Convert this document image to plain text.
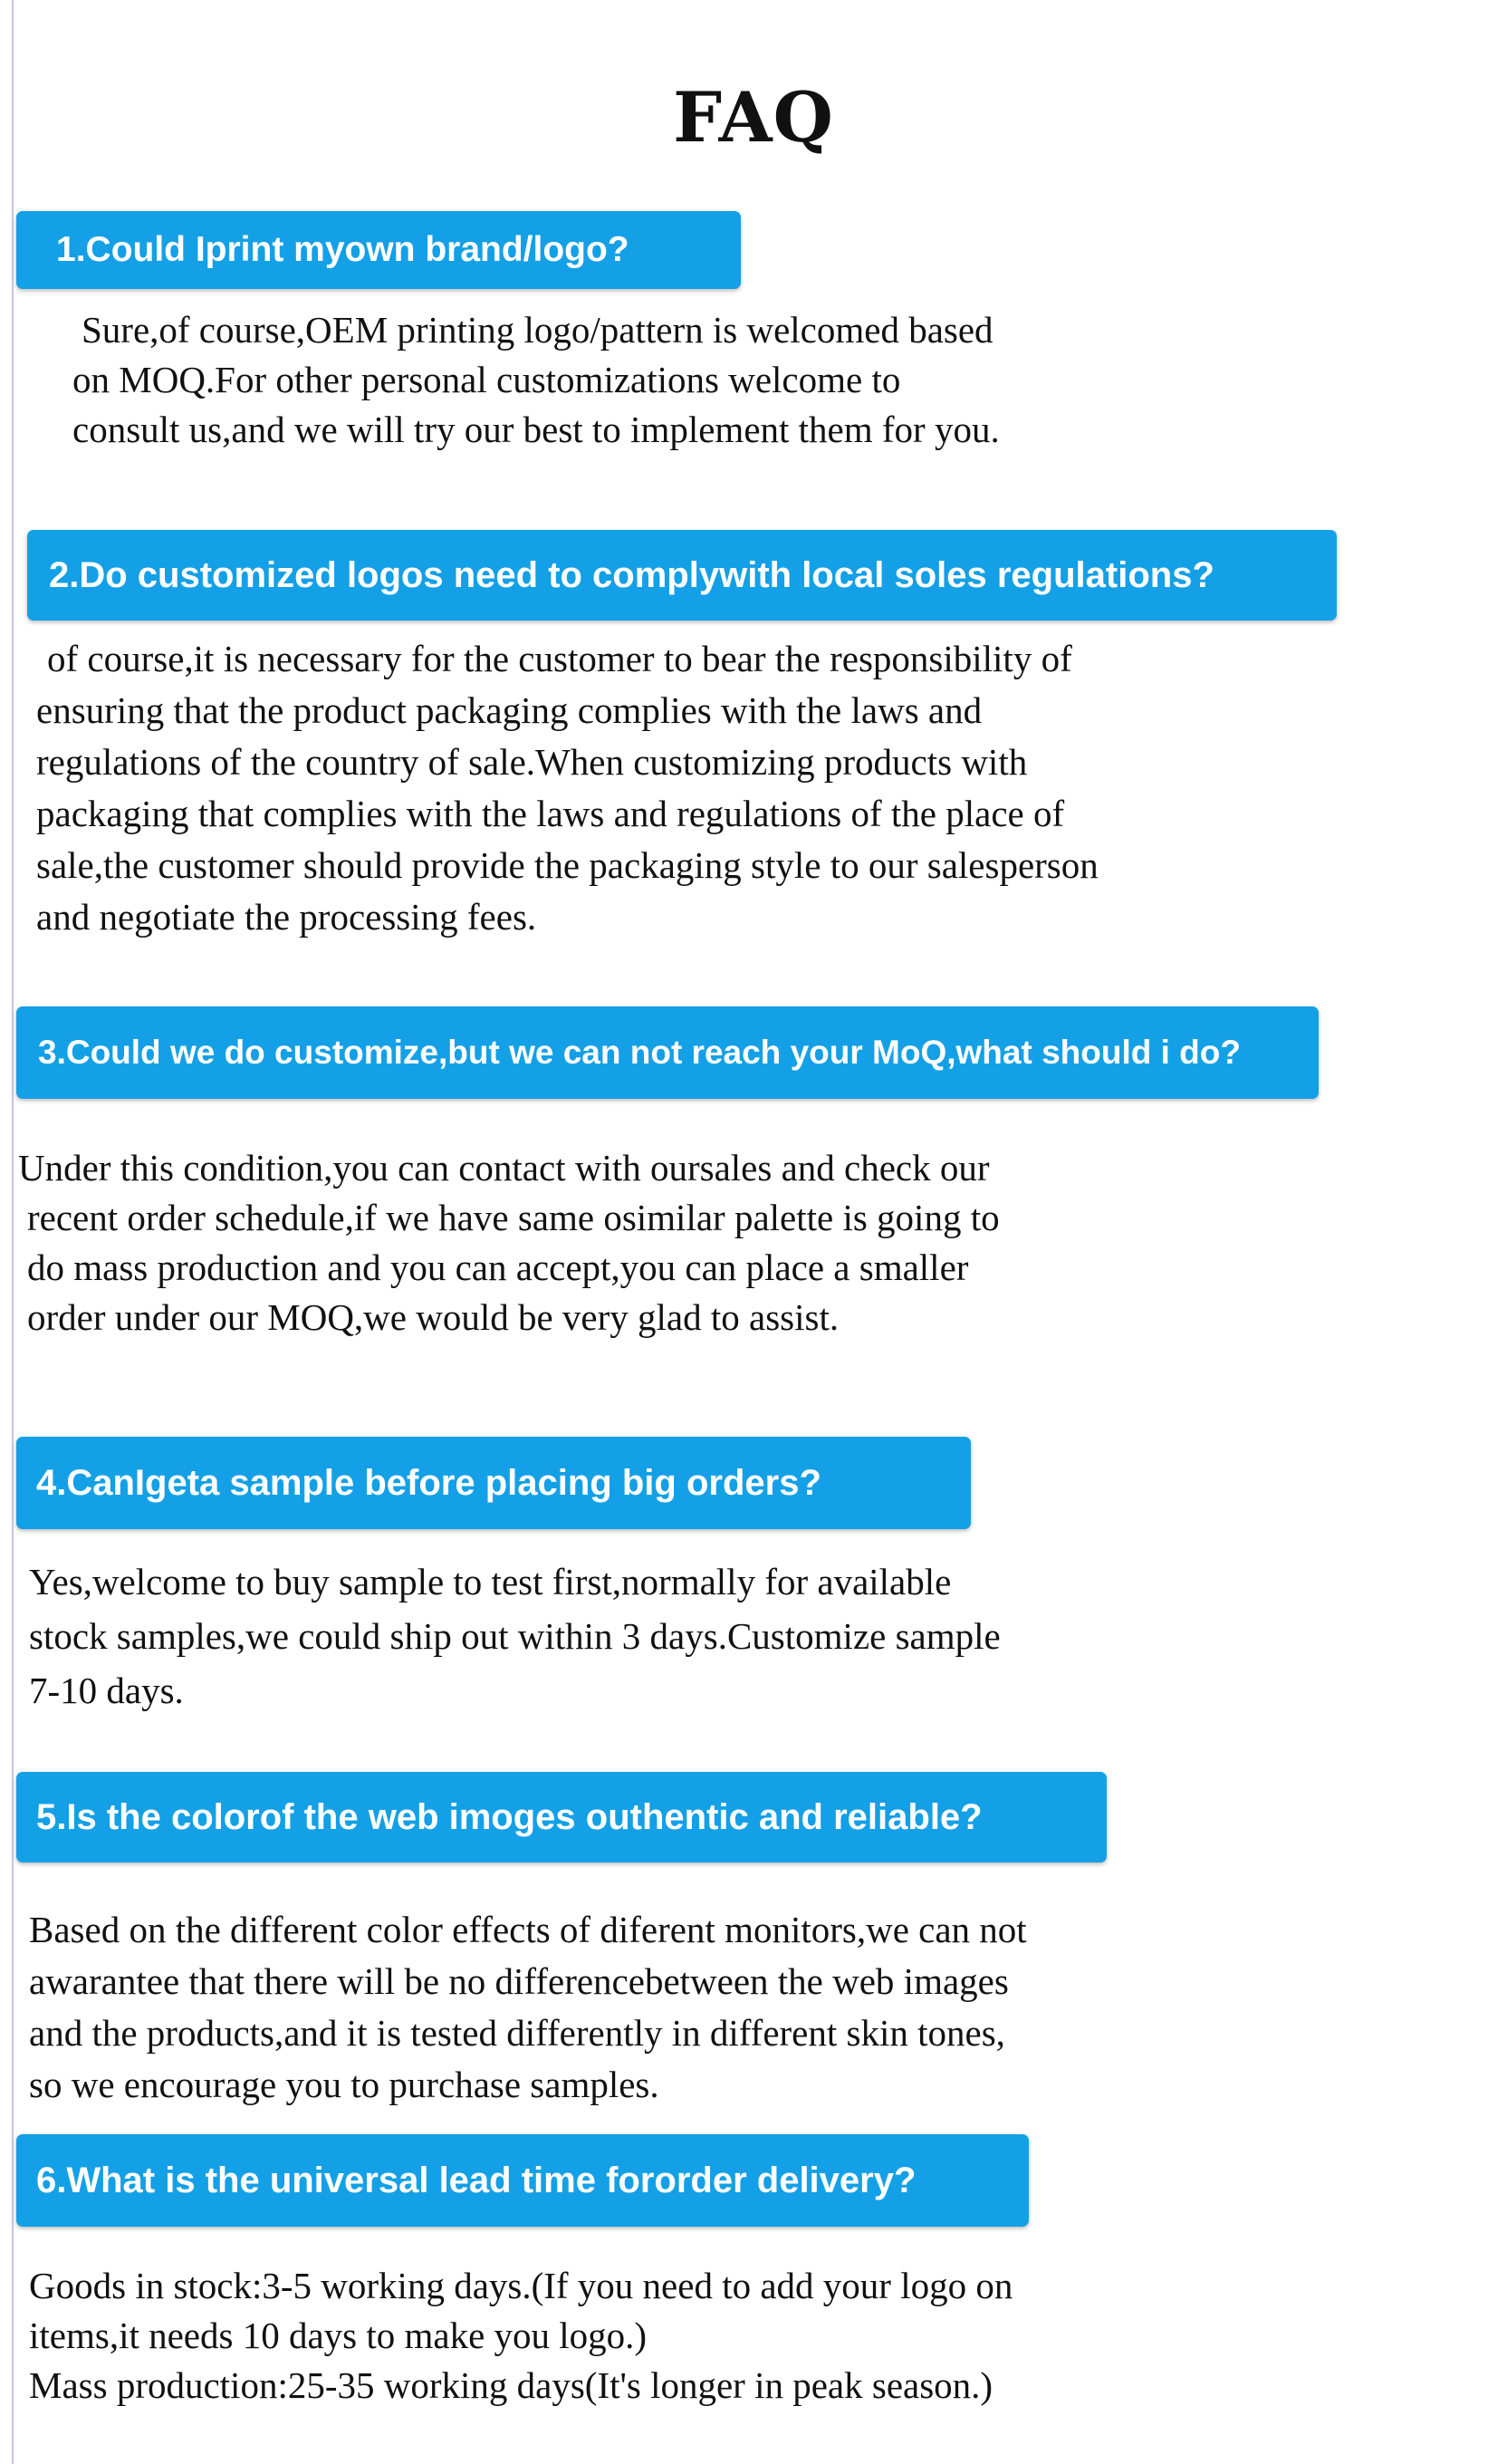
FAQ
1.Could Iprint myown brand/logo?
Sure,of course,OEM printing logo/pattern is welcomed based
on MOQ.For other personal customizations welcome to
consult us,and we will try our best to implement them for you.
2.Do customized logos need to complywith local soles regulations?
of course,it is necessary for the customer to bear the responsibility of
ensuring that the product packaging complies with the laws and
regulations of the country of sale.When customizing products with
packaging that complies with the laws and regulations of the place of
sale,the customer should provide the packaging style to our salesperson
and negotiate the processing fees.
3.Could we do customize,but we can not reach your MoQ,what should i do?
Under this condition,you can contact with oursales and check our
recent order schedule,if we have same osimilar palette is going to
do mass production and you can accept,you can place a smaller
order under our MOQ,we would be very glad to assist.
4.CanIgeta sample before placing big orders?
Yes,welcome to buy sample to test first,normally for available
stock samples,we could ship out within 3 days.Customize sample
7-10 days.
5.Is the colorof the web imoges outhentic and reliable?
Based on the different color effects of diferent monitors,we can not
awarantee that there will be no differencebetween the web images
and the products,and it is tested differently in different skin tones,
so we encourage you to purchase samples.
6.What is the universal lead time fororder delivery?
Goods in stock:3-5 working days.(If you need to add your logo on
items,it needs 10 days to make you logo.)
Mass production:25-35 working days(It's longer in peak season.)
